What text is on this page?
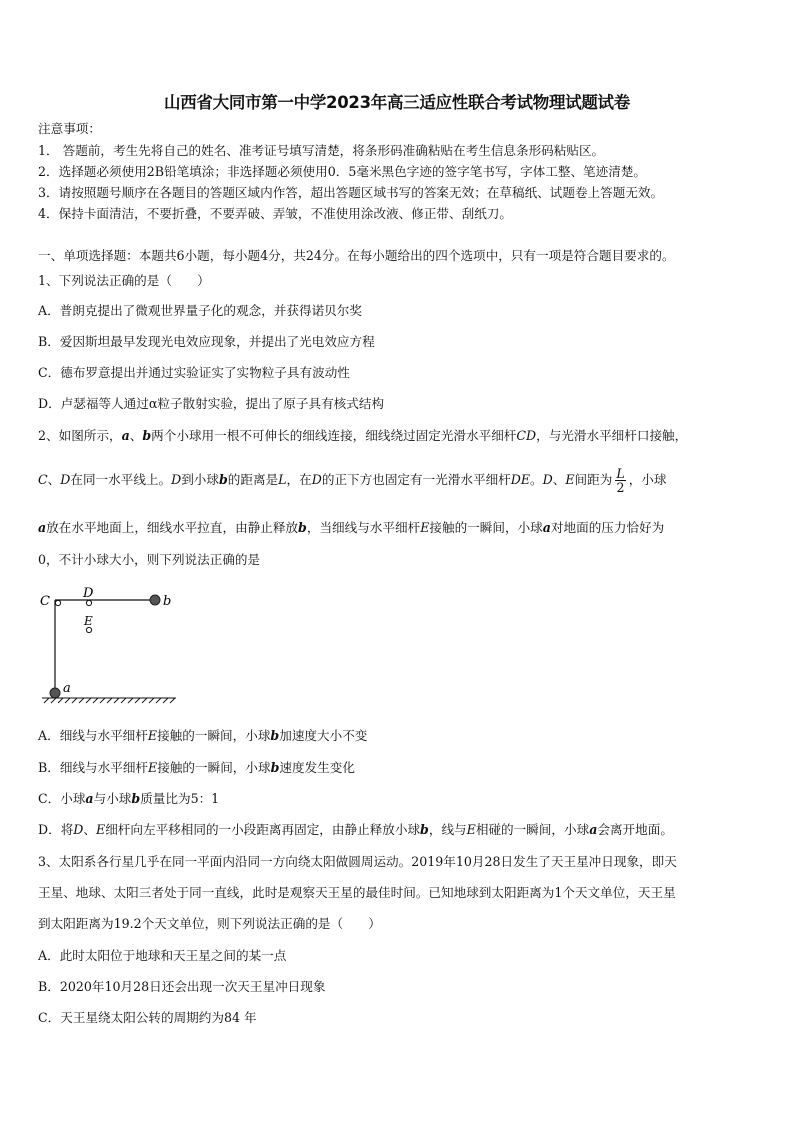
山西省大同市第一中学2023年高三适应性联合考试物理试题试卷
注意事项：
1． 答题前，考生先将自己的姓名、准考证号填写清楚，将条形码准确粘贴在考生信息条形码粘贴区。
2．选择题必须使用2B铅笔填涂；非选择题必须使用0．5毫米黑色字迹的签字笔书写，字体工整、笔迹清楚。
3．请按照题号顺序在各题目的答题区域内作答，超出答题区域书写的答案无效；在草稿纸、试题卷上答题无效。
4．保持卡面清洁，不要折叠，不要弄破、弄皱，不准使用涂改液、修正带、刮纸刀。
一、单项选择题：本题共6小题，每小题4分，共24分。在每小题给出的四个选项中，只有一项是符合题目要求的。
1、下列说法正确的是（　　）
A．普朗克提出了微观世界量子化的观念，并获得诺贝尔奖
B．爱因斯坦最早发现光电效应现象，并提出了光电效应方程
C．德布罗意提出并通过实验证实了实物粒子具有波动性
D．卢瑟福等人通过α粒子散射实验，提出了原子具有核式结构
2、如图所示，a、b两个小球用一根不可伸长的细线连接，细线绕过固定光滑水平细杆CD，与光滑水平细杆口接触，
C、D在同一水平线上。D到小球b的距离是L，在D的正下方也固定有一光滑水平细杆DE。D、E间距为 $\frac{L}{2}$ ，小球
a放在水平地面上，细线水平拉直，由静止释放b，当细线与水平细杆E接触的一瞬间，小球a对地面的压力恰好为
0，不计小球大小，则下列说法正确的是
C
D
E
b
a
A．细线与水平细杆E接触的一瞬间，小球b加速度大小不变
B．细线与水平细杆E接触的一瞬间，小球b速度发生变化
C．小球a与小球b质量比为5：1
D．将D、E细杆向左平移相同的一小段距离再固定，由静止释放小球b，线与E相碰的一瞬间，小球a会离开地面。
3、太阳系各行星几乎在同一平面内沿同一方向绕太阳做圆周运动。2019年10月28日发生了天王星冲日现象，即天
王星、地球、太阳三者处于同一直线，此时是观察天王星的最佳时间。已知地球到太阳距离为1个天文单位，天王星
到太阳距离为19.2个天文单位，则下列说法正确的是（　　）
A．此时太阳位于地球和天王星之间的某一点
B．2020年10月28日还会出现一次天王星冲日现象
C．天王星绕太阳公转的周期约为84 年
